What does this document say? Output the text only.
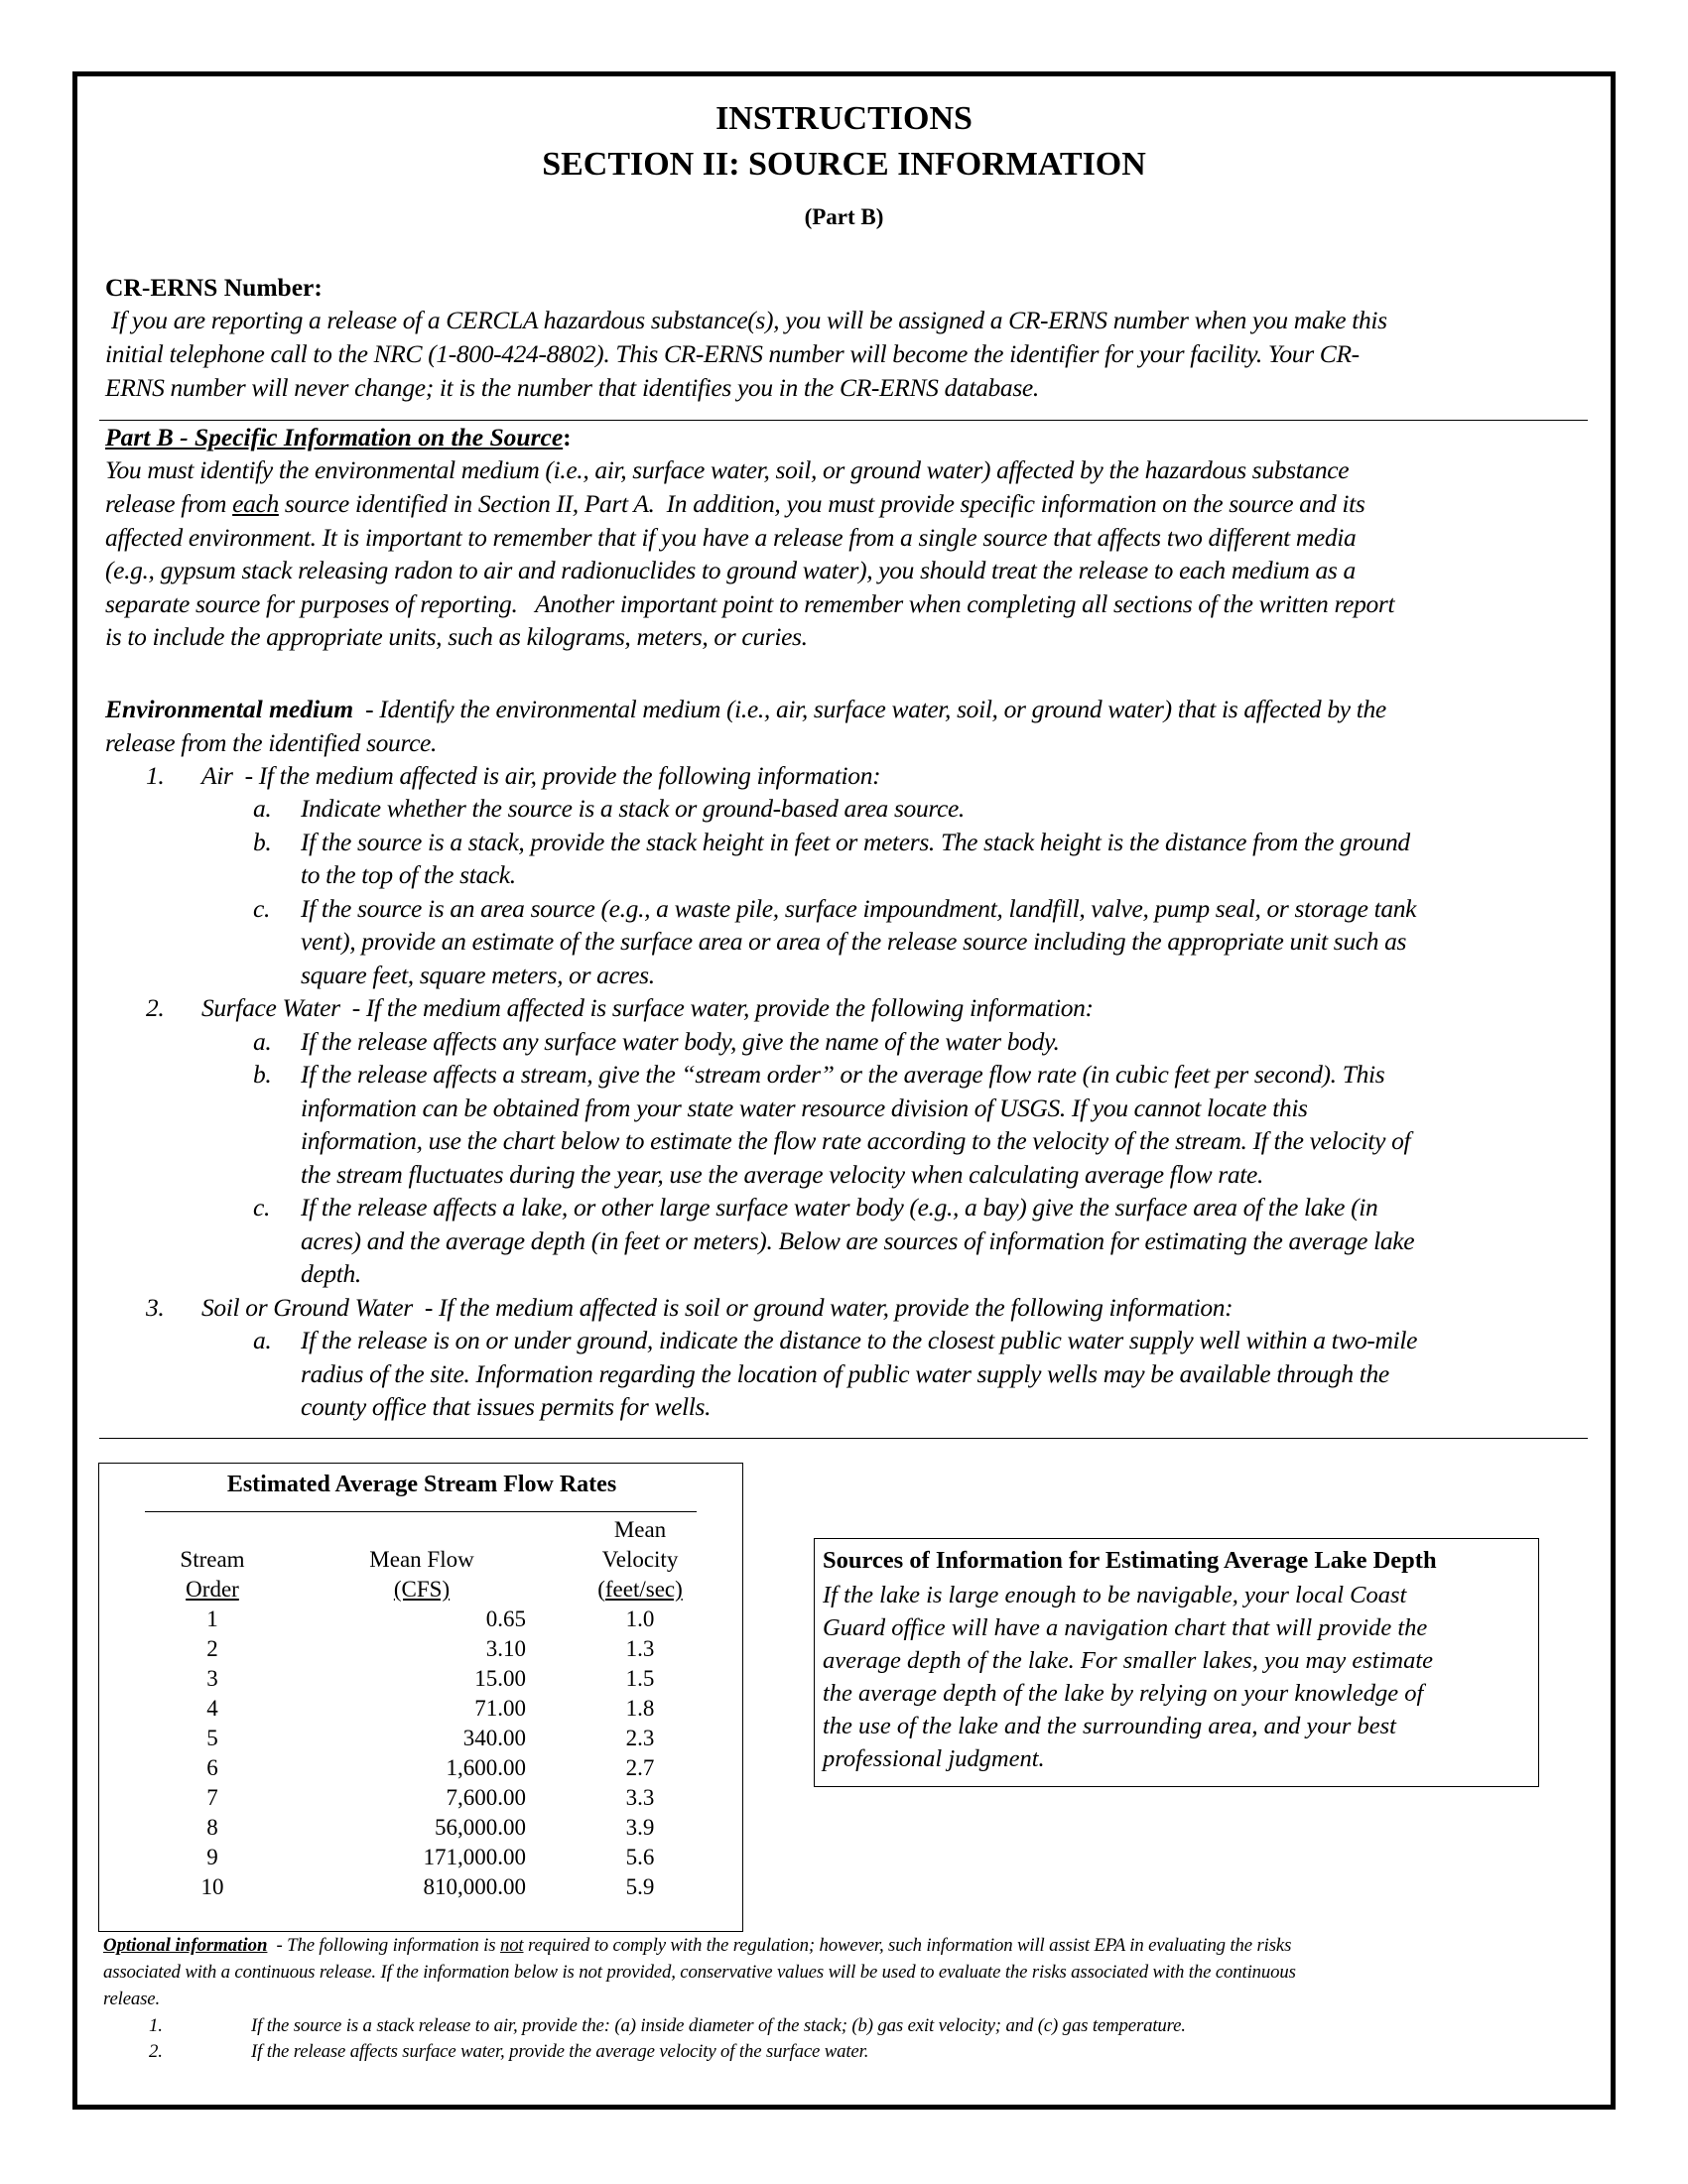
INSTRUCTIONS
SECTION II: SOURCE INFORMATION
(Part B)
CR-ERNS Number:
If you are reporting a release of a CERCLA hazardous substance(s), you will be assigned a CR-ERNS number when you make this
initial telephone call to the NRC (1-800-424-8802). This CR-ERNS number will become the identifier for your facility. Your CR-
ERNS number will never change; it is the number that identifies you in the CR-ERNS database.
Part B - Specific Information on the Source:
You must identify the environmental medium (i.e., air, surface water, soil, or ground water) affected by the hazardous substance
release from each source identified in Section II, Part A.  In addition, you must provide specific information on the source and its
affected environment. It is important to remember that if you have a release from a single source that affects two different media
(e.g., gypsum stack releasing radon to air and radionuclides to ground water), you should treat the release to each medium as a
separate source for purposes of reporting.   Another important point to remember when completing all sections of the written report
is to include the appropriate units, such as kilograms, meters, or curies.
Environmental medium  - Identify the environmental medium (i.e., air, surface water, soil, or ground water) that is affected by the
release from the identified source.
1. Air  - If the medium affected is air, provide the following information:
a. Indicate whether the source is a stack or ground-based area source.
b. If the source is a stack, provide the stack height in feet or meters. The stack height is the distance from the ground
to the top of the stack.
c. If the source is an area source (e.g., a waste pile, surface impoundment, landfill, valve, pump seal, or storage tank
vent), provide an estimate of the surface area or area of the release source including the appropriate unit such as
square feet, square meters, or acres.
2. Surface Water  - If the medium affected is surface water, provide the following information:
a. If the release affects any surface water body, give the name of the water body.
b. If the release affects a stream, give the “stream order” or the average flow rate (in cubic feet per second). This
information can be obtained from your state water resource division of USGS. If you cannot locate this
information, use the chart below to estimate the flow rate according to the velocity of the stream. If the velocity of
the stream fluctuates during the year, use the average velocity when calculating average flow rate.
c. If the release affects a lake, or other large surface water body (e.g., a bay) give the surface area of the lake (in
acres) and the average depth (in feet or meters). Below are sources of information for estimating the average lake
depth.
3. Soil or Ground Water  - If the medium affected is soil or ground water, provide the following information:
a. If the release is on or under ground, indicate the distance to the closest public water supply well within a two-mile
radius of the site. Information regarding the location of public water supply wells may be available through the
county office that issues permits for wells.
Estimated Average Stream Flow Rates
Mean
Stream	Mean Flow	Velocity
Order	(CFS)	(feet/sec)
1	0.65	1.0
2	3.10	1.3
3	15.00	1.5
4	71.00	1.8
5	340.00	2.3
6	1,600.00	2.7
7	7,600.00	3.3
8	56,000.00	3.9
9	171,000.00	5.6
10	810,000.00	5.9
Sources of Information for Estimating Average Lake Depth
If the lake is large enough to be navigable, your local Coast
Guard office will have a navigation chart that will provide the
average depth of the lake. For smaller lakes, you may estimate
the average depth of the lake by relying on your knowledge of
the use of the lake and the surrounding area, and your best
professional judgment.
Optional information  - The following information is not required to comply with the regulation; however, such information will assist EPA in evaluating the risks
associated with a continuous release. If the information below is not provided, conservative values will be used to evaluate the risks associated with the continuous
release.
1.	If the source is a stack release to air, provide the: (a) inside diameter of the stack; (b) gas exit velocity; and (c) gas temperature.
2.	If the release affects surface water, provide the average velocity of the surface water.
